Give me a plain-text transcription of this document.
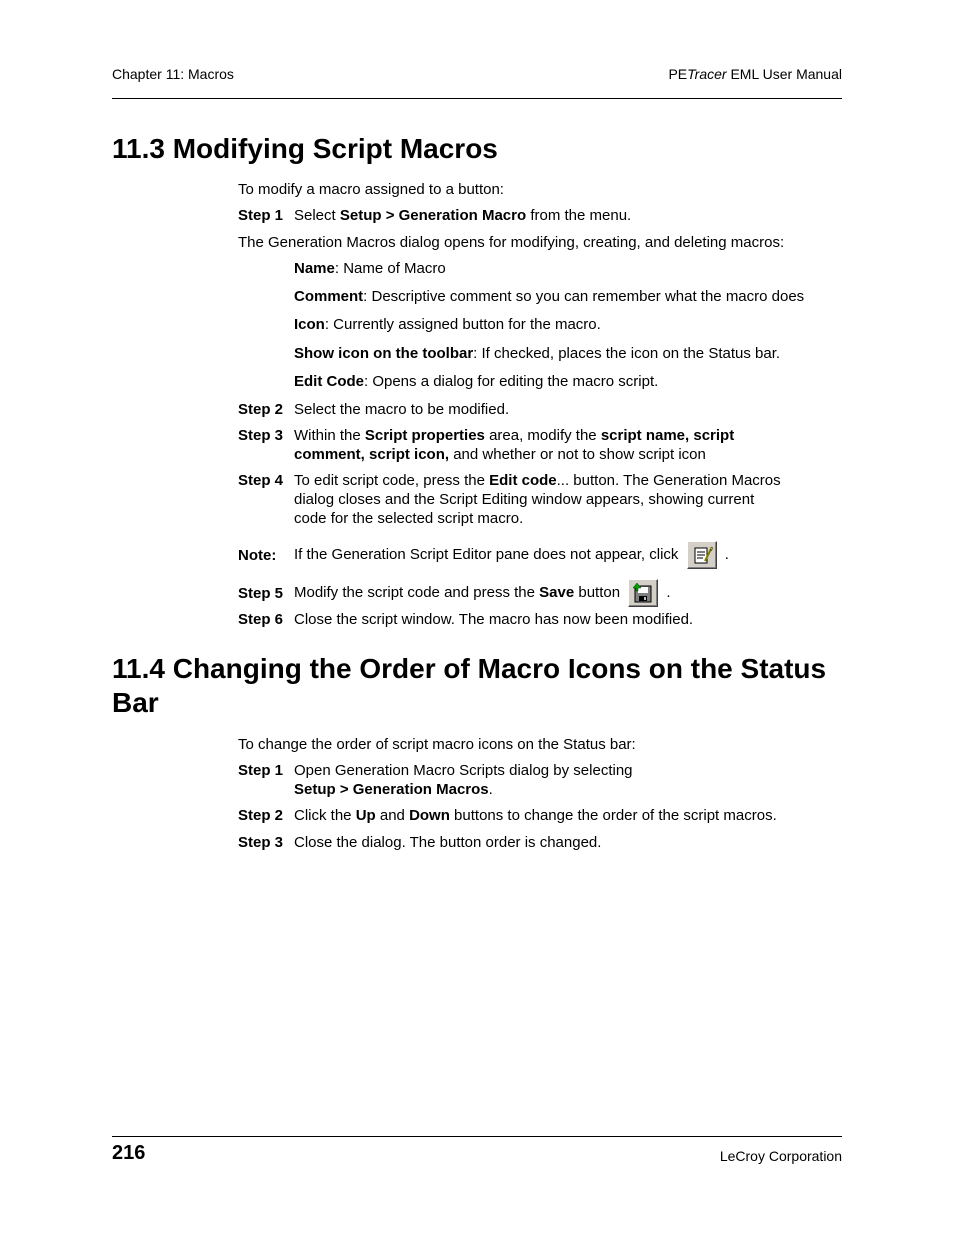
Chapter 11: Macros	PETracer EML User Manual
11.3 Modifying Script Macros

To modify a macro assigned to a button:

Step 1 Select Setup > Generation Macro from the menu.

The Generation Macros dialog opens for modifying, creating, and deleting macros:

Name: Name of Macro
Comment: Descriptive comment so you can remember what the macro does
Icon: Currently assigned button for the macro.
Show icon on the toolbar: If checked, places the icon on the Status bar.
Edit Code: Opens a dialog for editing the macro script.
Step 2 Select the macro to be modified.
Step 3 Within the Script properties area, modify the script name, script comment, script icon, and whether or not to show script icon
Step 4 To edit script code, press the Edit code... button. The Generation Macros dialog closes and the Script Editing window appears, showing current code for the selected script macro.
Note: If the Generation Script Editor pane does not appear, click	.
Step 5 Modify the script code and press the Save button	.
Step 6 Close the script window. The macro has now been modified.
11.4 Changing the Order of Macro Icons on the Status Bar

To change the order of script macro icons on the Status bar:

Step 1 Open Generation Macro Scripts dialog by selecting
Setup > Generation Macros.
Step 2 Click the Up and Down buttons to change the order of the script macros.
Step 3 Close the dialog. The button order is changed.
216	LeCroy Corporation
